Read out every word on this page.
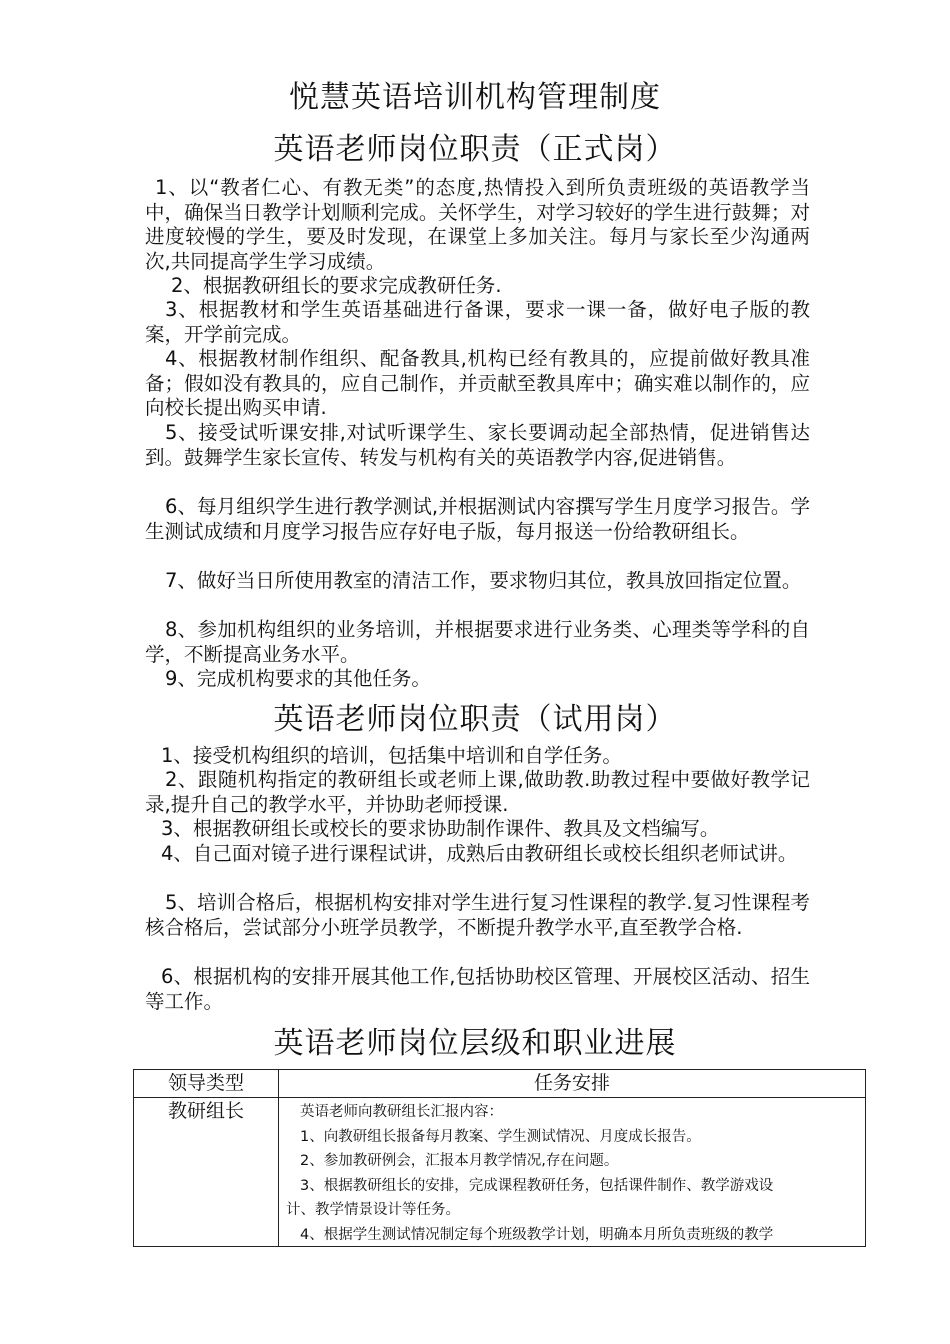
悦慧英语培训机构管理制度
英语老师岗位职责（正式岗）
1、以“教者仁心、有教无类”的态度,热情投入到所负责班级的英语教学当中，确保当日教学计划顺利完成。关怀学生，对学习较好的学生进行鼓舞；对进度较慢的学生，要及时发现，在课堂上多加关注。每月与家长至少沟通两次,共同提高学生学习成绩。
2、根据教研组长的要求完成教研任务.
3、根据教材和学生英语基础进行备课，要求一课一备，做好电子版的教案，开学前完成。
4、根据教材制作组织、配备教具,机构已经有教具的，应提前做好教具准备；假如没有教具的，应自己制作，并贡献至教具库中；确实难以制作的，应向校长提出购买申请.
5、接受试听课安排,对试听课学生、家长要调动起全部热情，促进销售达到。鼓舞学生家长宣传、转发与机构有关的英语教学内容,促进销售。
6、每月组织学生进行教学测试,并根据测试内容撰写学生月度学习报告。学生测试成绩和月度学习报告应存好电子版，每月报送一份给教研组长。
7、做好当日所使用教室的清洁工作，要求物归其位，教具放回指定位置。
8、参加机构组织的业务培训，并根据要求进行业务类、心理类等学科的自学，不断提高业务水平。
9、完成机构要求的其他任务。
英语老师岗位职责（试用岗）
1、接受机构组织的培训，包括集中培训和自学任务。
2、跟随机构指定的教研组长或老师上课,做助教.助教过程中要做好教学记录,提升自己的教学水平，并协助老师授课.
3、根据教研组长或校长的要求协助制作课件、教具及文档编写。
4、自己面对镜子进行课程试讲，成熟后由教研组长或校长组织老师试讲。
5、培训合格后，根据机构安排对学生进行复习性课程的教学.复习性课程考核合格后，尝试部分小班学员教学，不断提升教学水平,直至教学合格.
6、根据机构的安排开展其他工作,包括协助校区管理、开展校区活动、招生等工作。
英语老师岗位层级和职业进展
领导类型	任务安排
教研组长	英语老师向教研组长汇报内容：
1、向教研组长报备每月教案、学生测试情况、月度成长报告。
2、参加教研例会，汇报本月教学情况,存在问题。
3、根据教研组长的安排，完成课程教研任务，包括课件制作、教学游戏设
计、教学情景设计等任务。
4、根据学生测试情况制定每个班级教学计划，明确本月所负责班级的教学
